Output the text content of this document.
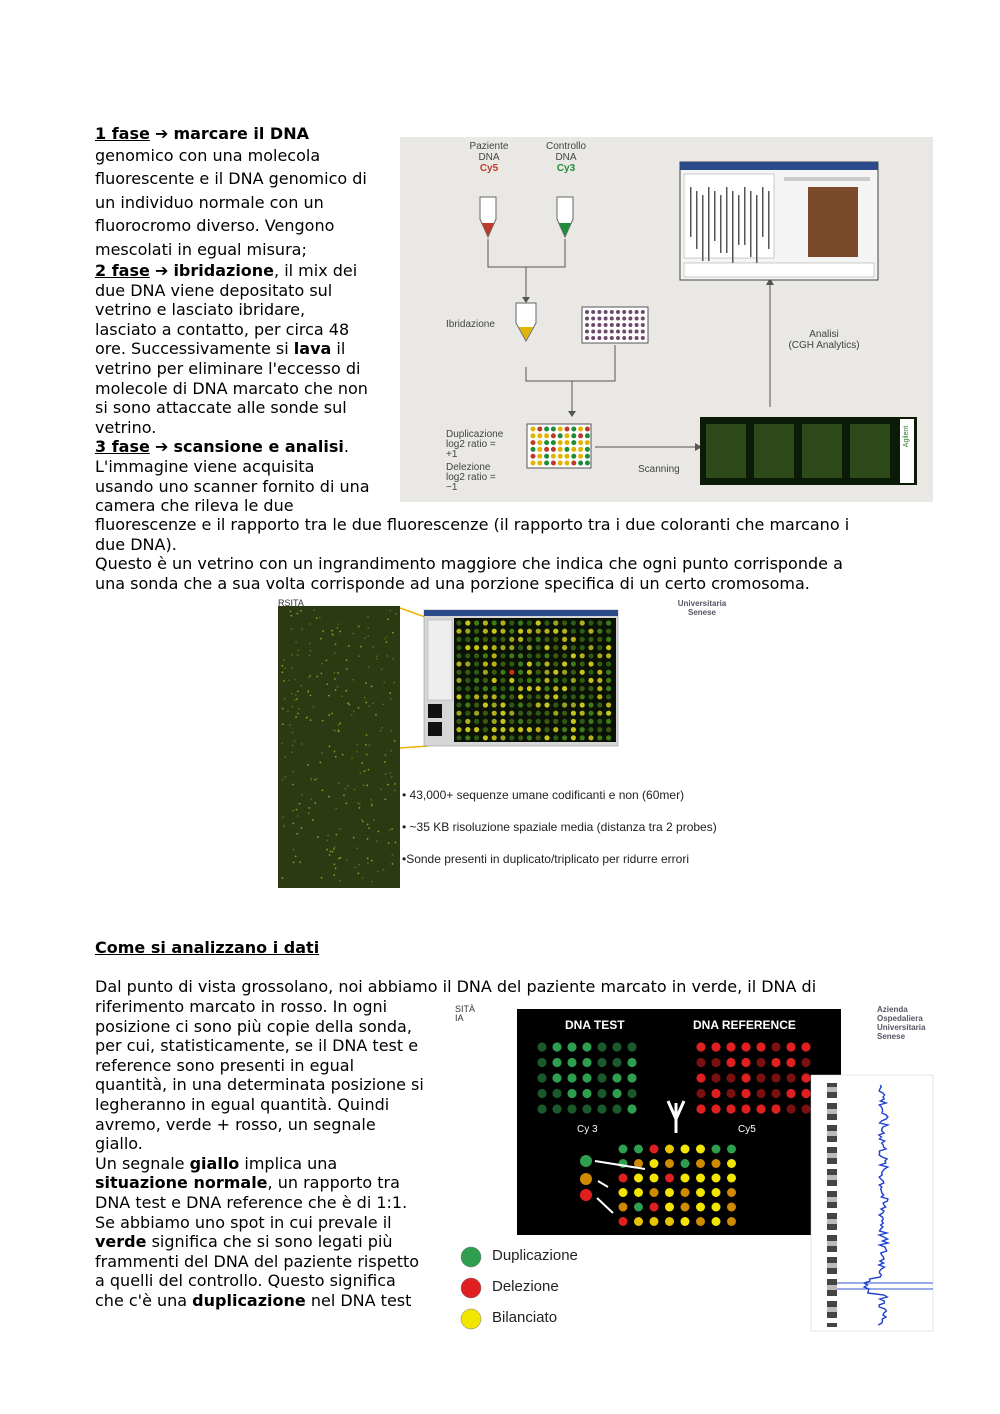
1 fase ➔ marcare il DNA
genomico con una molecola
fluorescente e il DNA genomico di
un individuo normale con un
fluorocromo diverso. Vengono
mescolati in egual misura;
2 fase ➔ ibridazione, il mix dei
due DNA viene depositato sul
vetrino e lasciato ibridare,
lasciato a contatto, per circa 48
ore. Successivamente si lava il
vetrino per eliminare l'eccesso di
molecole di DNA marcato che non
si sono attaccate alle sonde sul
vetrino.
3 fase ➔ scansione e analisi.
L'immagine viene acquisita
usando uno scanner fornito di una
camera che rileva le due
fluorescenze e il rapporto tra le due fluorescenze (il rapporto tra i due coloranti che marcano i
due DNA).
Questo è un vetrino con un ingrandimento maggiore che indica che ogni punto corrisponde a
una sonda che a sua volta corrisponde ad una porzione specifica di un certo cromosoma.
Paziente
DNA
Cy5
Controllo
DNA
Cy3
Ibridazione
Analisi
(CGH Analytics)
Duplicazione
log2 ratio =
+1
Delezione
log2 ratio =
−1
Scanning
Agilent
RSITA	Universitaria Senese
• 43,000+ sequenze umane codificanti e non (60mer)
• ~35 KB risoluzione spaziale media (distanza tra 2 probes)
•Sonde presenti in duplicato/triplicato per ridurre errori
Come si analizzano i dati
Dal punto di vista grossolano, noi abbiamo il DNA del paziente marcato in verde, il DNA di
riferimento marcato in rosso. In ogni
posizione ci sono più copie della sonda,
per cui, statisticamente, se il DNA test e
reference sono presenti in egual
quantità, in una determinata posizione si
legheranno in egual quantità. Quindi
avremo, verde + rosso, un segnale
giallo.
Un segnale giallo implica una
situazione normale, un rapporto tra
DNA test e DNA reference che è di 1:1.
Se abbiamo uno spot in cui prevale il
verde significa che si sono legati più
frammenti del DNA del paziente rispetto
a quelli del controllo. Questo significa
che c'è una duplicazione nel DNA test
SITÀ
IA
Azienda Ospedaliera
Universitaria Senese
DNA TEST	DNA REFERENCE
Cy 3	Cy5
Duplicazione
Delezione
Bilanciato
